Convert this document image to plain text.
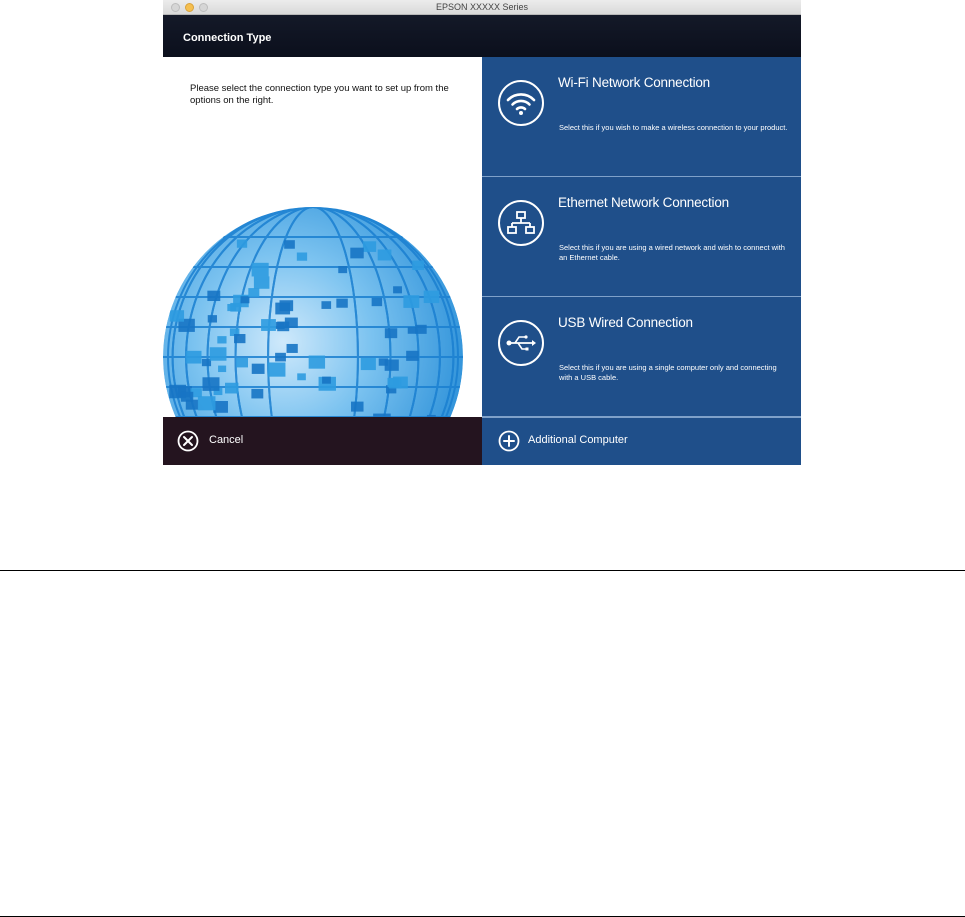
EPSON XXXXX Series
Connection Type
Please select the connection type you want to set up from the options on the right.
Wi-Fi Network Connection
Select this if you wish to make a wireless connection to your product.
Ethernet Network Connection
Select this if you are using a wired network and wish to connect with an Ethernet cable.
USB Wired Connection
Select this if you are using a single computer only and connecting with a USB cable.
Cancel	Additional Computer
